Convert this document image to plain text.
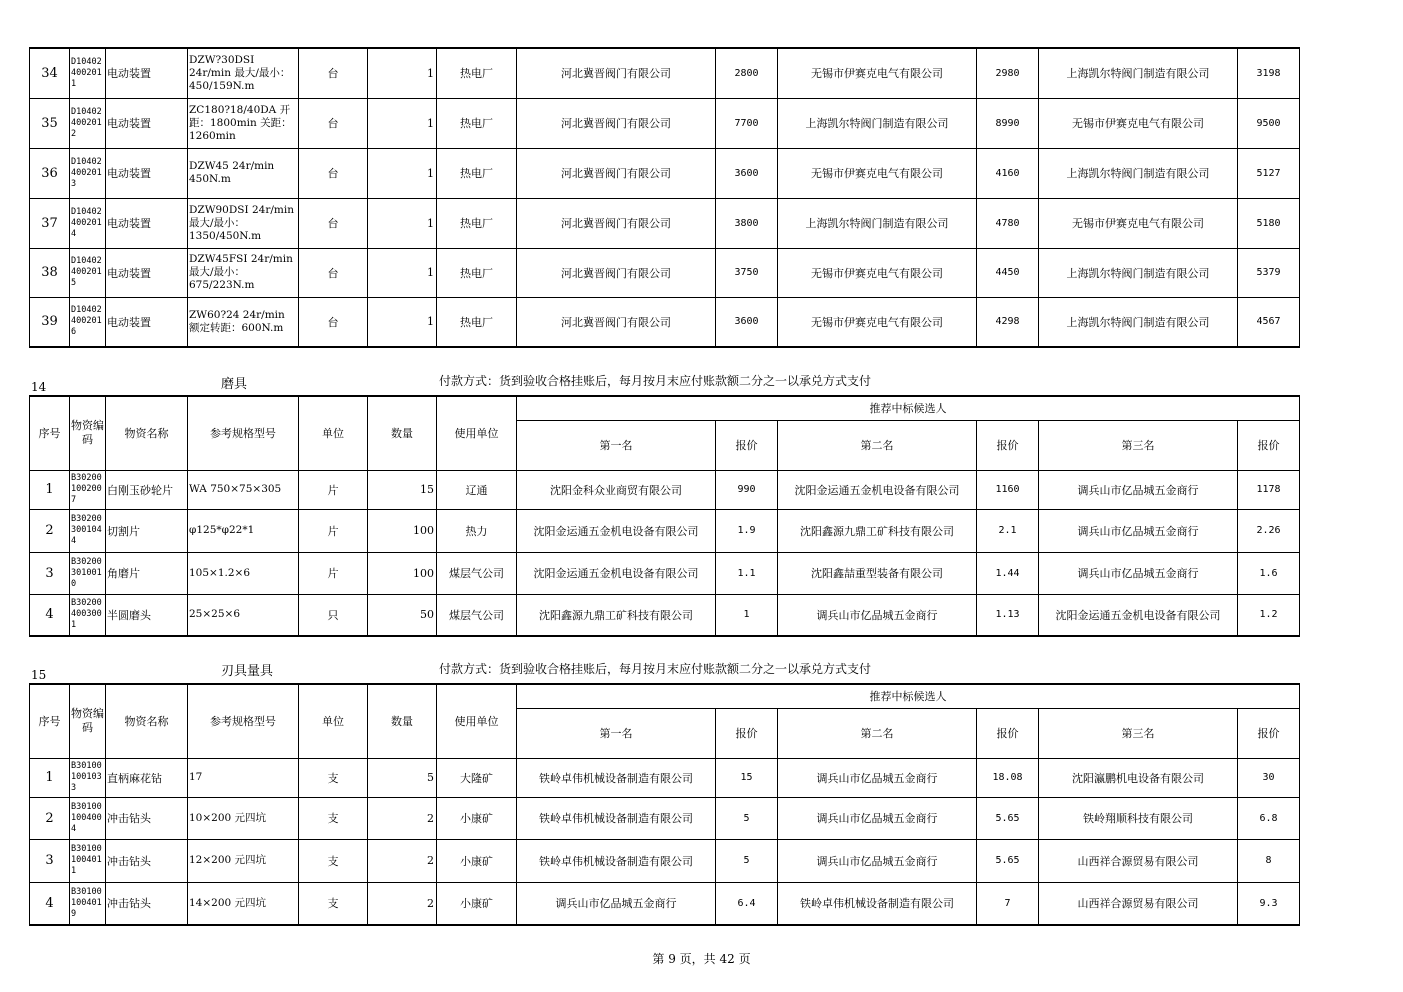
34	D104024002011	电动装置	DZW?30DSI 24r/min 最大/最小：450/159N.m	台	1	热电厂	河北冀晋阀门有限公司	2800	无锡市伊赛克电气有限公司	2980	上海凯尔特阀门制造有限公司	3198
35	D104024002012	电动装置	ZC180?18/40DA 开距：1800min 关距：1260min	台	1	热电厂	河北冀晋阀门有限公司	7700	上海凯尔特阀门制造有限公司	8990	无锡市伊赛克电气有限公司	9500
36	D104024002013	电动装置	DZW45 24r/min 450N.m	台	1	热电厂	河北冀晋阀门有限公司	3600	无锡市伊赛克电气有限公司	4160	上海凯尔特阀门制造有限公司	5127
37	D104024002014	电动装置	DZW90DSI 24r/min 最大/最小：1350/450N.m	台	1	热电厂	河北冀晋阀门有限公司	3800	上海凯尔特阀门制造有限公司	4780	无锡市伊赛克电气有限公司	5180
38	D104024002015	电动装置	DZW45FSI 24r/min 最大/最小：675/223N.m	台	1	热电厂	河北冀晋阀门有限公司	3750	无锡市伊赛克电气有限公司	4450	上海凯尔特阀门制造有限公司	5379
39	D104024002016	电动装置	ZW60?24 24r/min 额定转距：600N.m	台	1	热电厂	河北冀晋阀门有限公司	3600	无锡市伊赛克电气有限公司	4298	上海凯尔特阀门制造有限公司	4567
14	磨具	付款方式：货到验收合格挂账后，每月按月末应付账款额二分之一以承兑方式支付
序号	物资编码	物资名称	参考规格型号	单位	数量	使用单位	推荐中标候选人					
							第一名	报价	第二名	报价	第三名	报价
1	B302001002007	白刚玉砂轮片	WA 750×75×305	片	15	辽通	沈阳金科众业商贸有限公司	990	沈阳金运通五金机电设备有限公司	1160	调兵山市亿品城五金商行	1178
2	B302003001044	切割片	φ125*φ22*1	片	100	热力	沈阳金运通五金机电设备有限公司	1.9	沈阳鑫源九鼎工矿科技有限公司	2.1	调兵山市亿品城五金商行	2.26
3	B302003010010	角磨片	105×1.2×6	片	100	煤层气公司	沈阳金运通五金机电设备有限公司	1.1	沈阳鑫喆重型装备有限公司	1.44	调兵山市亿品城五金商行	1.6
4	B302004003001	半圆磨头	25×25×6	只	50	煤层气公司	沈阳鑫源九鼎工矿科技有限公司	1	调兵山市亿品城五金商行	1.13	沈阳金运通五金机电设备有限公司	1.2
15	刃具量具	付款方式：货到验收合格挂账后，每月按月末应付账款额二分之一以承兑方式支付
序号	物资编码	物资名称	参考规格型号	单位	数量	使用单位	推荐中标候选人					
							第一名	报价	第二名	报价	第三名	报价
1	B301001001033	直柄麻花钻	17	支	5	大隆矿	铁岭卓伟机械设备制造有限公司	15	调兵山市亿品城五金商行	18.08	沈阳瀛鹏机电设备有限公司	30
2	B301001004004	冲击钻头	10×200 元四坑	支	2	小康矿	铁岭卓伟机械设备制造有限公司	5	调兵山市亿品城五金商行	5.65	铁岭翔顺科技有限公司	6.8
3	B301001004011	冲击钻头	12×200 元四坑	支	2	小康矿	铁岭卓伟机械设备制造有限公司	5	调兵山市亿品城五金商行	5.65	山西祥合源贸易有限公司	8
4	B301001004019	冲击钻头	14×200 元四坑	支	2	小康矿	调兵山市亿品城五金商行	6.4	铁岭卓伟机械设备制造有限公司	7	山西祥合源贸易有限公司	9.3
第 9 页，共 42 页
